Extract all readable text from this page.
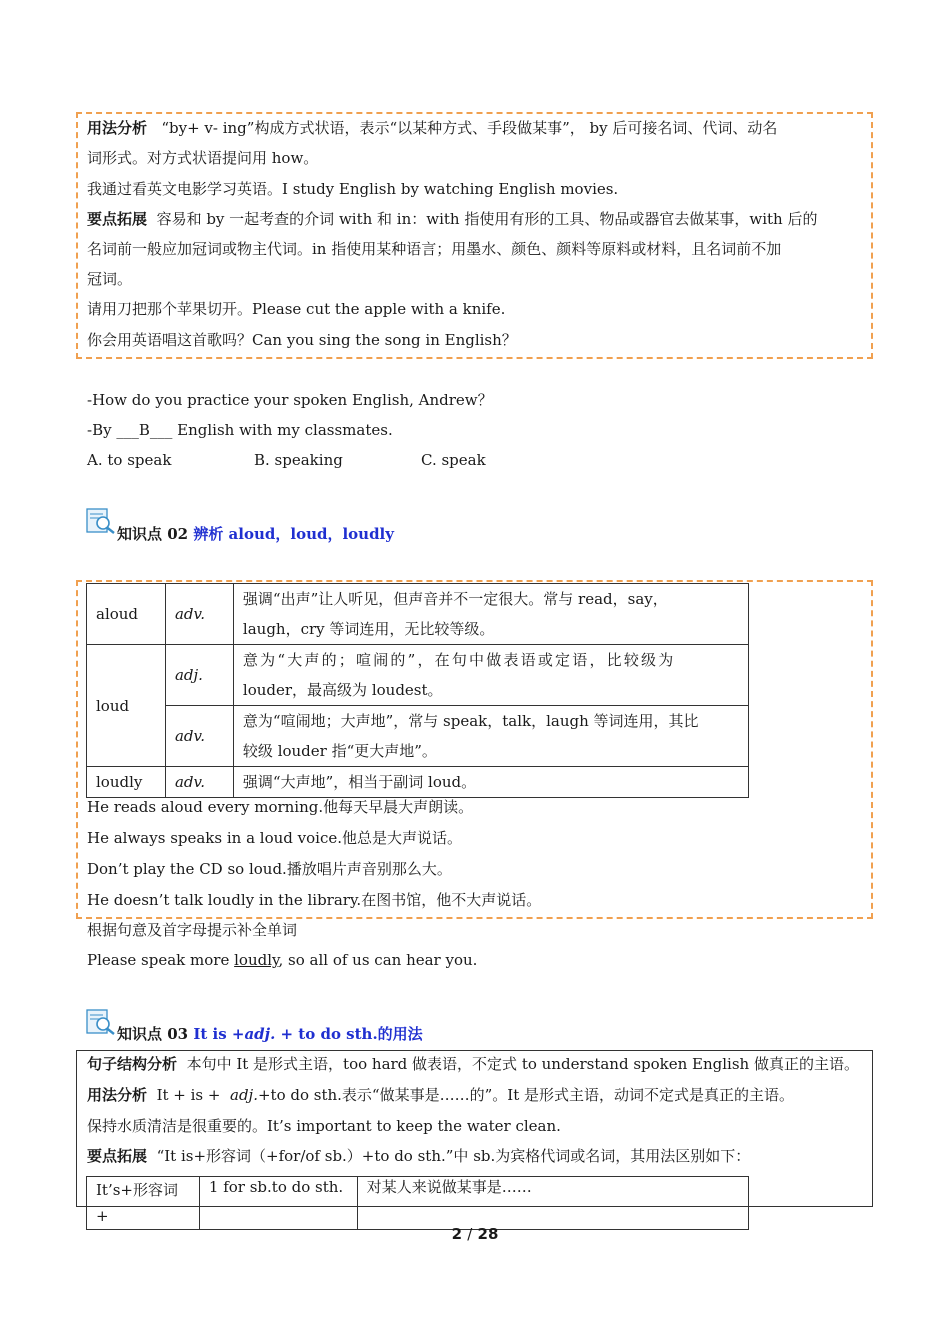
用法分析 “by+ v- ing”构成方式状语，表示“以某种方式、手段做某事”， by 后可接名词、代词、动名
词形式。对方式状语提问用 how。
我通过看英文电影学习英语。I study English by watching English movies.
要点拓展 容易和 by 一起考查的介词 with 和 in：with 指使用有形的工具、物品或器官去做某事，with 后的
名词前一般应加冠词或物主代词。in 指使用某种语言；用墨水、颜色、颜料等原料或材料，且名词前不加
冠词。
请用刀把那个苹果切开。Please cut the apple with a knife.
你会用英语唱这首歌吗？Can you sing the song in English？
-How do you practice your spoken English, Andrew？
-By ___B___ English with my classmates.
A. to speak	B. speaking	C. speak
知识点 02 辨析 aloud，loud，loudly
aloud	adv.	强调“出声”让人听见，但声音并不一定很大。常与 read，say，
laugh，cry 等词连用，无比较等级。

loud	adj.	意为“大声的；喧闹的”，在句中做表语或定语，比较级为
louder，最高级为 loudest。

	adv.	意为“喧闹地；大声地”，常与 speak，talk，laugh 等词连用，其比
较级 louder 指“更大声地”。

loudly	adv.	强调“大声地”，相当于副词 loud。
He reads aloud every morning.他每天早晨大声朗读。
He always speaks in a loud voice.他总是大声说话。
Don’t play the CD so loud.播放唱片声音别那么大。
He doesn’t talk loudly in the library.在图书馆，他不大声说话。
根据句意及首字母提示补全单词
Please speak more loudly, so all of us can hear you.
知识点 03 It is +adj. + to do sth.的用法
句子结构分析 本句中 It 是形式主语，too hard 做表语，不定式 to understand spoken English 做真正的主语。
用法分析 It + is +  adj.+to do sth.表示“做某事是……的”。It 是形式主语，动词不定式是真正的主语。
保持水质清洁是很重要的。It’s important to keep the water clean.
要点拓展 “It is+形容词（+for/of sb.）+to do sth.”中 sb.为宾格代词或名词，其用法区别如下：
It’s+形容词+	1 for sb.to do sth.	对某人来说做某事是……
2 / 28
